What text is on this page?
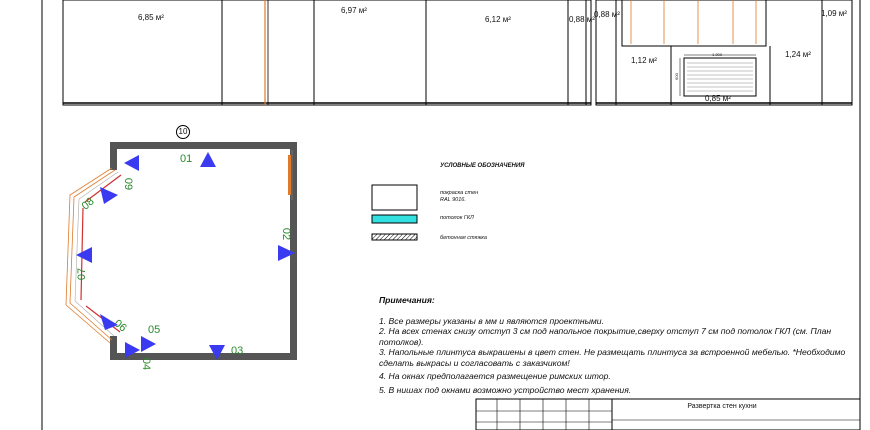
6,85 м²
6,97 м²
6,12 м²	0,88 м²
0,88 м²	1,09 м²
1,12 м²
1,24 м²
0,85 м²
1 200
600
10
01
02
03
04
05
06
07
08
09
УСЛОВНЫЕ ОБОЗНАЧЕНИЯ
покраска стен
RAL 9016.
потолок ГКЛ
бетонная стяжка
Примечания:

1. Все размеры указаны в мм и являются проектными.

2. На всех стенах снизу отступ 3 см под напольное покрытие,сверху отступ 7 см под потолок ГКЛ (см. План потолков).

3. Напольные плинтуса выкрашены в цвет стен. Не размещать плинтуса за встроенной мебелью. *Необходимо сделать выкрасы и согласовать с заказчиком!

4. На окнах предполагается размещение римских штор.

5. В нишах под окнами возможно устройство мест хранения.

Развертка стен кухни
